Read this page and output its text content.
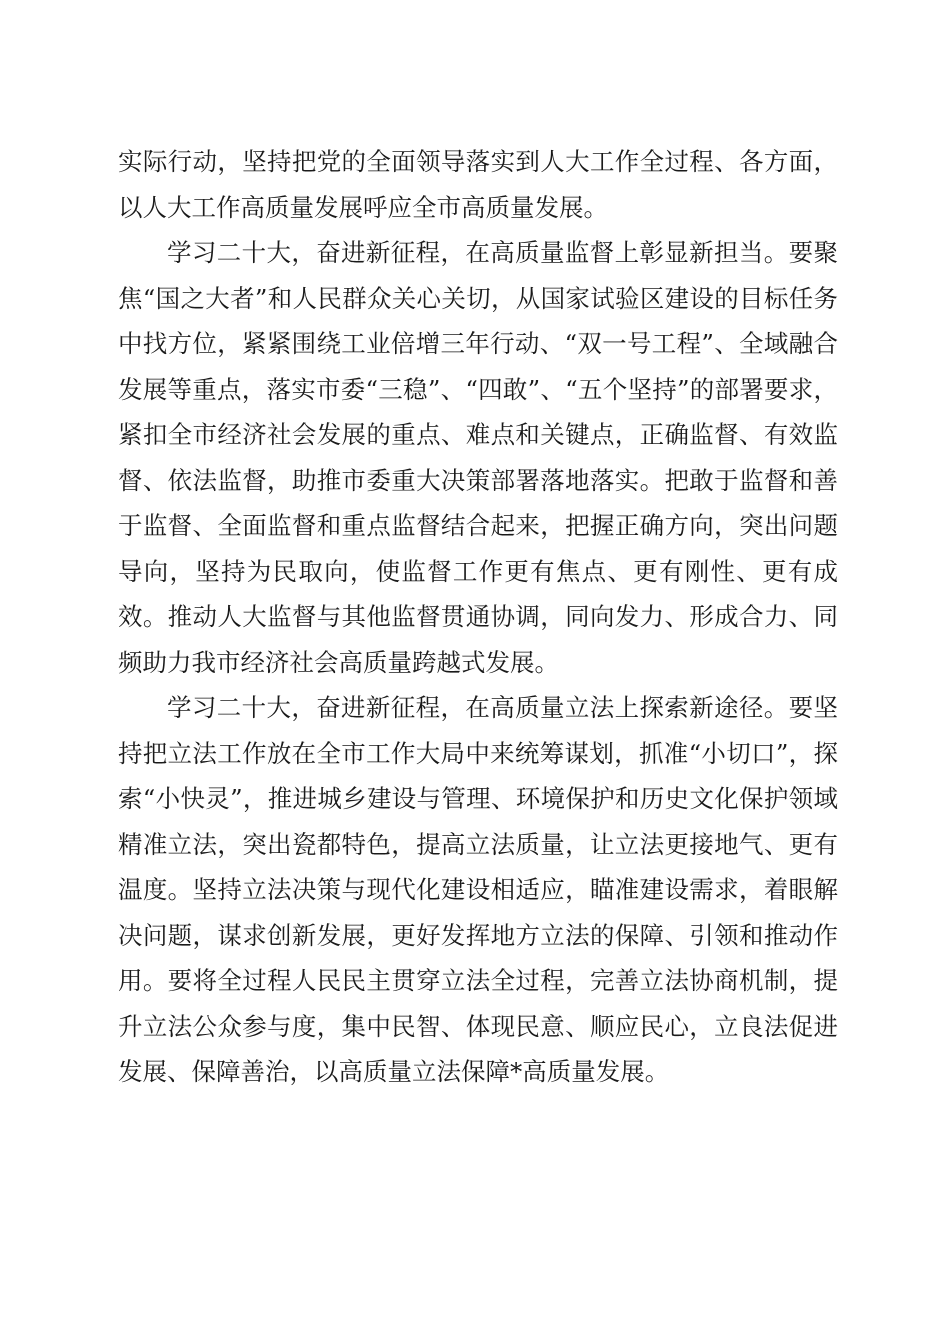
实际行动，坚持把党的全面领导落实到人大工作全过程、各方面，以人大工作高质量发展呼应全市高质量发展。

学习二十大，奋进新征程，在高质量监督上彰显新担当。要聚焦“国之大者”和人民群众关心关切，从国家试验区建设的目标任务中找方位，紧紧围绕工业倍增三年行动、“双一号工程”、全域融合发展等重点，落实市委“三稳”、“四敢”、“五个坚持”的部署要求，紧扣全市经济社会发展的重点、难点和关键点，正确监督、有效监督、依法监督，助推市委重大决策部署落地落实。把敢于监督和善于监督、全面监督和重点监督结合起来，把握正确方向，突出问题导向，坚持为民取向，使监督工作更有焦点、更有刚性、更有成效。推动人大监督与其他监督贯通协调，同向发力、形成合力、同频助力我市经济社会高质量跨越式发展。

学习二十大，奋进新征程，在高质量立法上探索新途径。要坚持把立法工作放在全市工作大局中来统筹谋划，抓准“小切口”，探索“小快灵”，推进城乡建设与管理、环境保护和历史文化保护领域精准立法，突出瓷都特色，提高立法质量，让立法更接地气、更有温度。坚持立法决策与现代化建设相适应，瞄准建设需求，着眼解决问题，谋求创新发展，更好发挥地方立法的保障、引领和推动作用。要将全过程人民民主贯穿立法全过程，完善立法协商机制，提升立法公众参与度，集中民智、体现民意、顺应民心，立良法促进发展、保障善治，以高质量立法保障*高质量发展。
